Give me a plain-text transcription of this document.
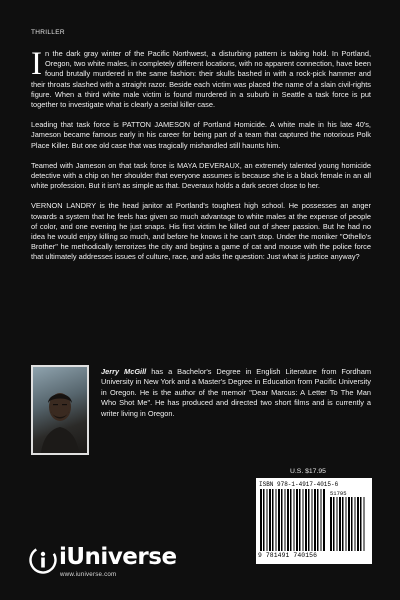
THRILLER

In the dark gray winter of the Pacific Northwest, a disturbing pattern is taking hold. In Portland, Oregon, two white males, in completely different locations, with no apparent connection, have been found brutally murdered in the same fashion: their skulls bashed in with a rock-pick hammer and their throats slashed with a straight razor. Beside each victim was placed the name of a slain civil-rights figure. When a third white male victim is found murdered in a suburb in Seattle a task force is put together to investigate what is clearly a serial killer case.

Leading that task force is PATTON JAMESON of Portland Homicide. A white male in his late 40's, Jameson became famous early in his career for being part of a team that captured the notorious Polk Place Killer. But one old case that was tragically mishandled still haunts him.

Teamed with Jameson on that task force is MAYA DEVERAUX, an extremely talented young homicide detective with a chip on her shoulder that everyone assumes is because she is a black female in an all white profession. But it isn't as simple as that. Deveraux holds a dark secret close to her.

VERNON LANDRY is the head janitor at Portland's toughest high school. He possesses an anger towards a system that he feels has given so much advantage to white males at the expense of people of color, and one evening he just snaps. His first victim he killed out of sheer passion. But he had no idea he would enjoy killing so much, and before he knows it he can't stop. Under the moniker "Othello's Brother" he methodically terrorizes the city and begins a game of cat and mouse with the police force that ultimately addresses issues of culture, race, and asks the question: Just what is justice anyway?

Jerry McGill has a Bachelor's Degree in English Literature from Fordham University in New York and a Master's Degree in Education from Pacific University in Oregon. He is the author of the memoir "Dear Marcus: A Letter To The Man Who Shot Me". He has produced and directed two short films and is currently a writer living in Oregon.
U.S. $17.95
ISBN 978-1-4917-4015-6
51795
9 781491 740156
iUniverse
www.iuniverse.com
